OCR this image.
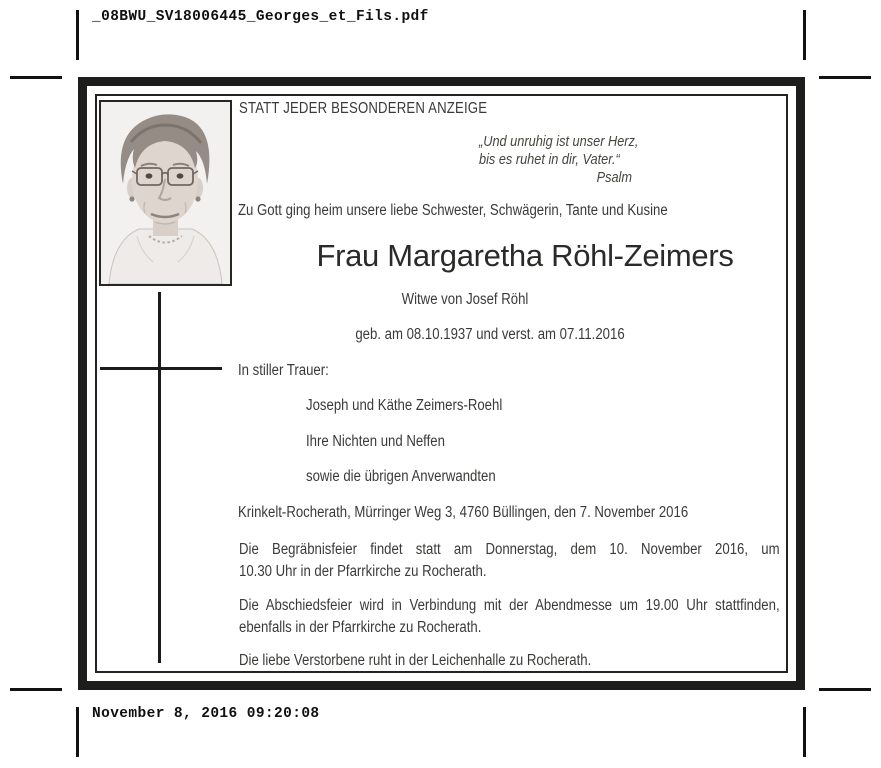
_08BWU_SV18006445_Georges_et_Fils.pdf
STATT JEDER BESONDEREN ANZEIGE
„Und unruhig ist unser Herz,
bis es ruhet in dir, Vater.“
Psalm
Zu Gott ging heim unsere liebe Schwester, Schwägerin, Tante und Kusine
Frau Margaretha Röhl-Zeimers
Witwe von Josef Röhl
geb. am 08.10.1937 und verst. am 07.11.2016
In stiller Trauer:
Joseph und Käthe Zeimers-Roehl
Ihre Nichten und Neffen
sowie die übrigen Anverwandten
Krinkelt-Rocherath, Mürringer Weg 3, 4760 Büllingen, den 7. November 2016
Die Begräbnisfeier findet statt am Donnerstag, dem 10. November 2016, um
10.30 Uhr in der Pfarrkirche zu Rocherath.
Die Abschiedsfeier wird in Verbindung mit der Abendmesse um 19.00 Uhr stattfinden,
ebenfalls in der Pfarrkirche zu Rocherath.
Die liebe Verstorbene ruht in der Leichenhalle zu Rocherath.
November 8, 2016 09:20:08
